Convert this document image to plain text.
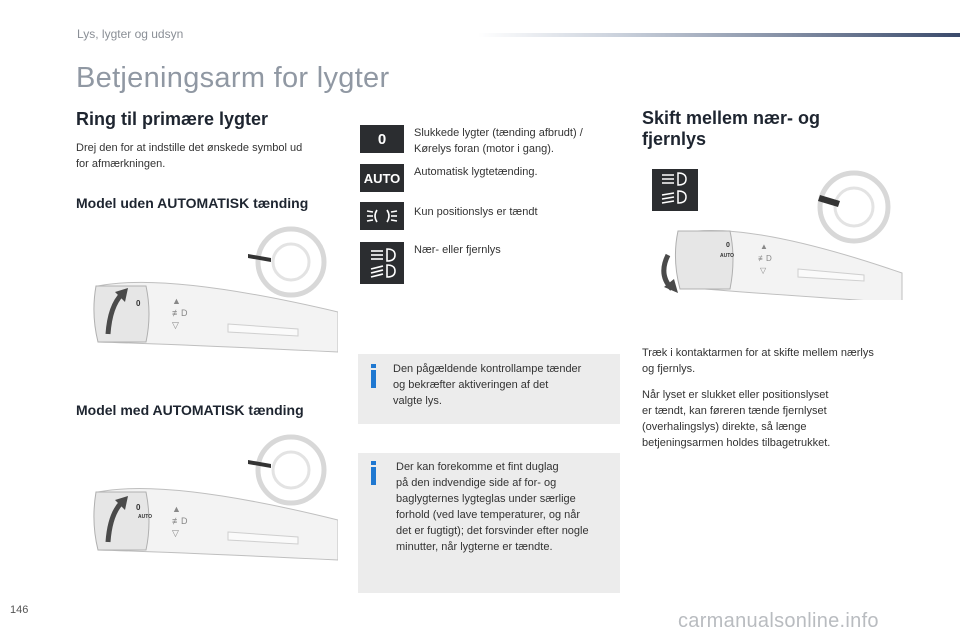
Lys, lygter og udsyn
Betjeningsarm for lygter
Ring til primære lygter
Drej den for at indstille det ønskede symbol ud
for afmærkningen.
Model uden AUTOMATISK tænding
Model med AUTOMATISK tænding
0	▲
≢D
▽
0
AUTO
▲
≢D
▽
0	Slukkede lygter (tænding afbrudt) /
Kørelys foran (motor i gang).
AUTO	Automatisk lygtetænding.
Kun positionslys er tændt
Nær- eller fjernlys
Den pågældende kontrollampe tænder
og bekræfter aktiveringen af det
valgte lys.
Der kan forekomme et fint duglag
på den indvendige side af for- og
baglygternes lygteglas under særlige
forhold (ved lave temperaturer, og når
det er fugtigt); det forsvinder efter nogle
minutter, når lygterne er tændte.
Skift mellem nær- og
fjernlys
0
AUTO
▲
≢D
▽
Træk i kontaktarmen for at skifte mellem nærlys
og fjernlys.
Når lyset er slukket eller positionslyset
er tændt, kan føreren tænde fjernlyset
(overhalingslys) direkte, så længe
betjeningsarmen holdes tilbagetrukket.
146	carmanualsonline.info
